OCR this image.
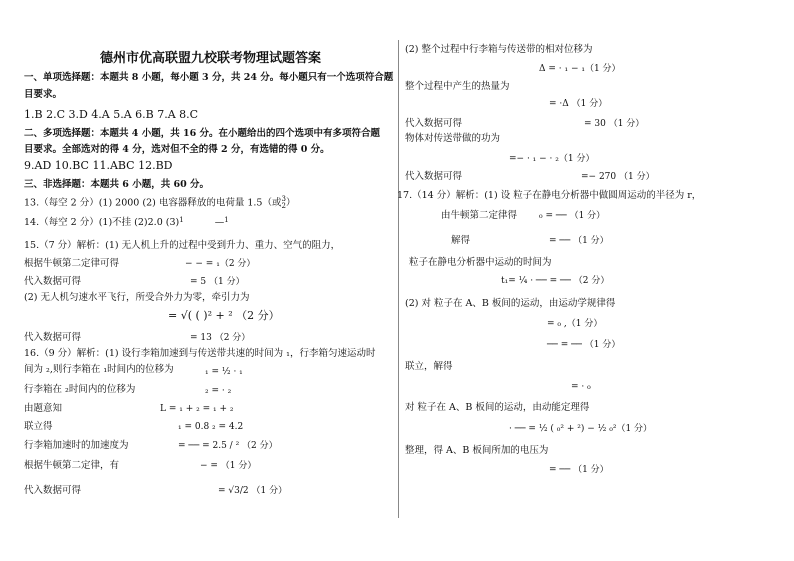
德州市优高联盟九校联考物理试题答案
一、单项选择题：本题共 8 小题，每小题 3 分，共 24 分。每小题只有一个选项符合题
目要求。
1.B 2.C 3.D 4.A 5.A 6.B 7.A 8.C
二、多项选择题：本题共 4 小题，共 16 分。在小题给出的四个选项中有多项符合题
目要求。全部选对的得 4 分，选对但不全的得 2 分，有选错的得 0 分。
9.AD 10.BC 11.ABC 12.BD
三、非选择题：本题共 6 小题，共 60 分。
13.（每空 2 分）(1) 2000 (2) 电容器释放的电荷量 1.5（或3
2）
14.（每空 2 分）(1)不挂 (2)2.0 $(3)^1$	—$^1$
15.（7 分）解析：(1) 无人机上升的过程中受到升力、重力、空气的阻力，
根据牛顿第二定律可得	− − = ₁（2 分）
代入数据可得	= 5 （1 分）
(2) 无人机匀速水平飞行，所受合外力为零，牵引力为
= √( ( )² + ² （2 分）
代入数据可得	= 13 （2 分）
16.（9 分）解析：(1) 设行李箱加速到与传送带共速的时间为 ₁，行李箱匀速运动时
间为 ₂,则行李箱在 ₁时间内的位移为	₁ = ½ · ₁
行李箱在 ₂时间内的位移为	₂ = · ₂
由题意知	L = ₁ + ₂ = ₁ + ₂
联立得	₁ = 0.8 ₂ = 4.2
行李箱加速时的加速度为	= ── = 2.5 / ² （2 分）
根据牛顿第二定律，有	− = （1 分）
代入数据可得	= √3/2 （1 分）
(2) 整个过程中行李箱与传送带的相对位移为
Δ = · ₁ − ₁（1 分）
整个过程中产生的热量为
= ·Δ （1 分）
代入数据可得	= 30 （1 分）
物体对传送带做的功为
=− · ₁ − · ₂（1 分）
代入数据可得	=− 270 （1 分）
17.（14 分）解析：(1) 设 粒子在静电分析器中做圆周运动的半径为 r，
由牛顿第二定律得 ₀ = ── （1 分）
解得	= ── （1 分）
粒子在静电分析器中运动的时间为
t₁= ¼ · ── = ── （2 分）
(2) 对 粒子在 A、B 板间的运动，由运动学规律得
= ₀ ,（1 分）
── = ── （1 分）
联立，解得
= · ₀
对 粒子在 A、B 板间的运动，由动能定理得
· ── = ½ ( ₀² + ²) − ½ ₀²（1 分）
整理，得 A、B 板间所加的电压为
= ── （1 分）
